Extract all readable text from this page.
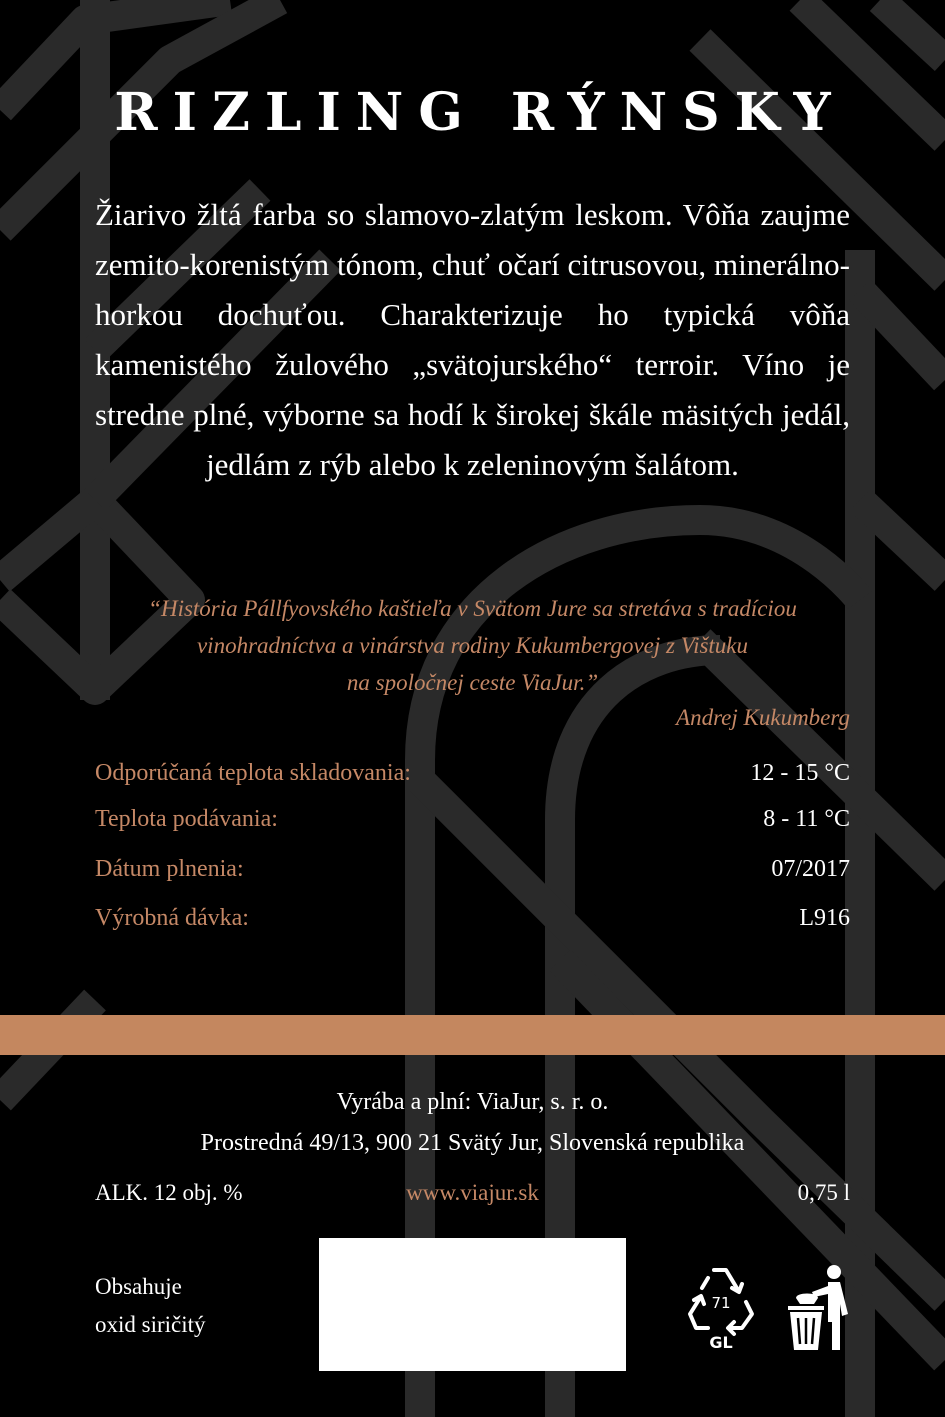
RIZLING RÝNSKY

Žiarivo žltá farba so slamovo-zlatým leskom. Vôňa zaujme zemito-korenistým tónom, chuť očarí citrusovou, minerálno-horkou dochuťou. Charakterizuje ho typická vôňa kamenistého žulového „svätojurského“ terroir. Víno je stredne plné, výborne sa hodí k širokej škále mäsitých jedál, jedlám z rýb alebo k zeleninovým šalátom.

“História Pállfyovského kaštieľa v Svätom Jure sa stretáva s tradíciou
vinohradníctva a vinárstva rodiny Kukumbergovej z Vištuku
na spoločnej ceste ViaJur.”
Andrej Kukumberg
Odporúčaná teplota skladovania:	12 - 15 °C
Teplota podávania:	8 - 11 °C
Dátum plnenia:	07/2017
Výrobná dávka:	L916
Vyrába a plní: ViaJur, s. r. o.
Prostredná 49/13, 900 21 Svätý Jur, Slovenská republika
ALK. 12 obj. %	www.viajur.sk	0,75 l
Obsahuje
oxid siričitý
71
GL
